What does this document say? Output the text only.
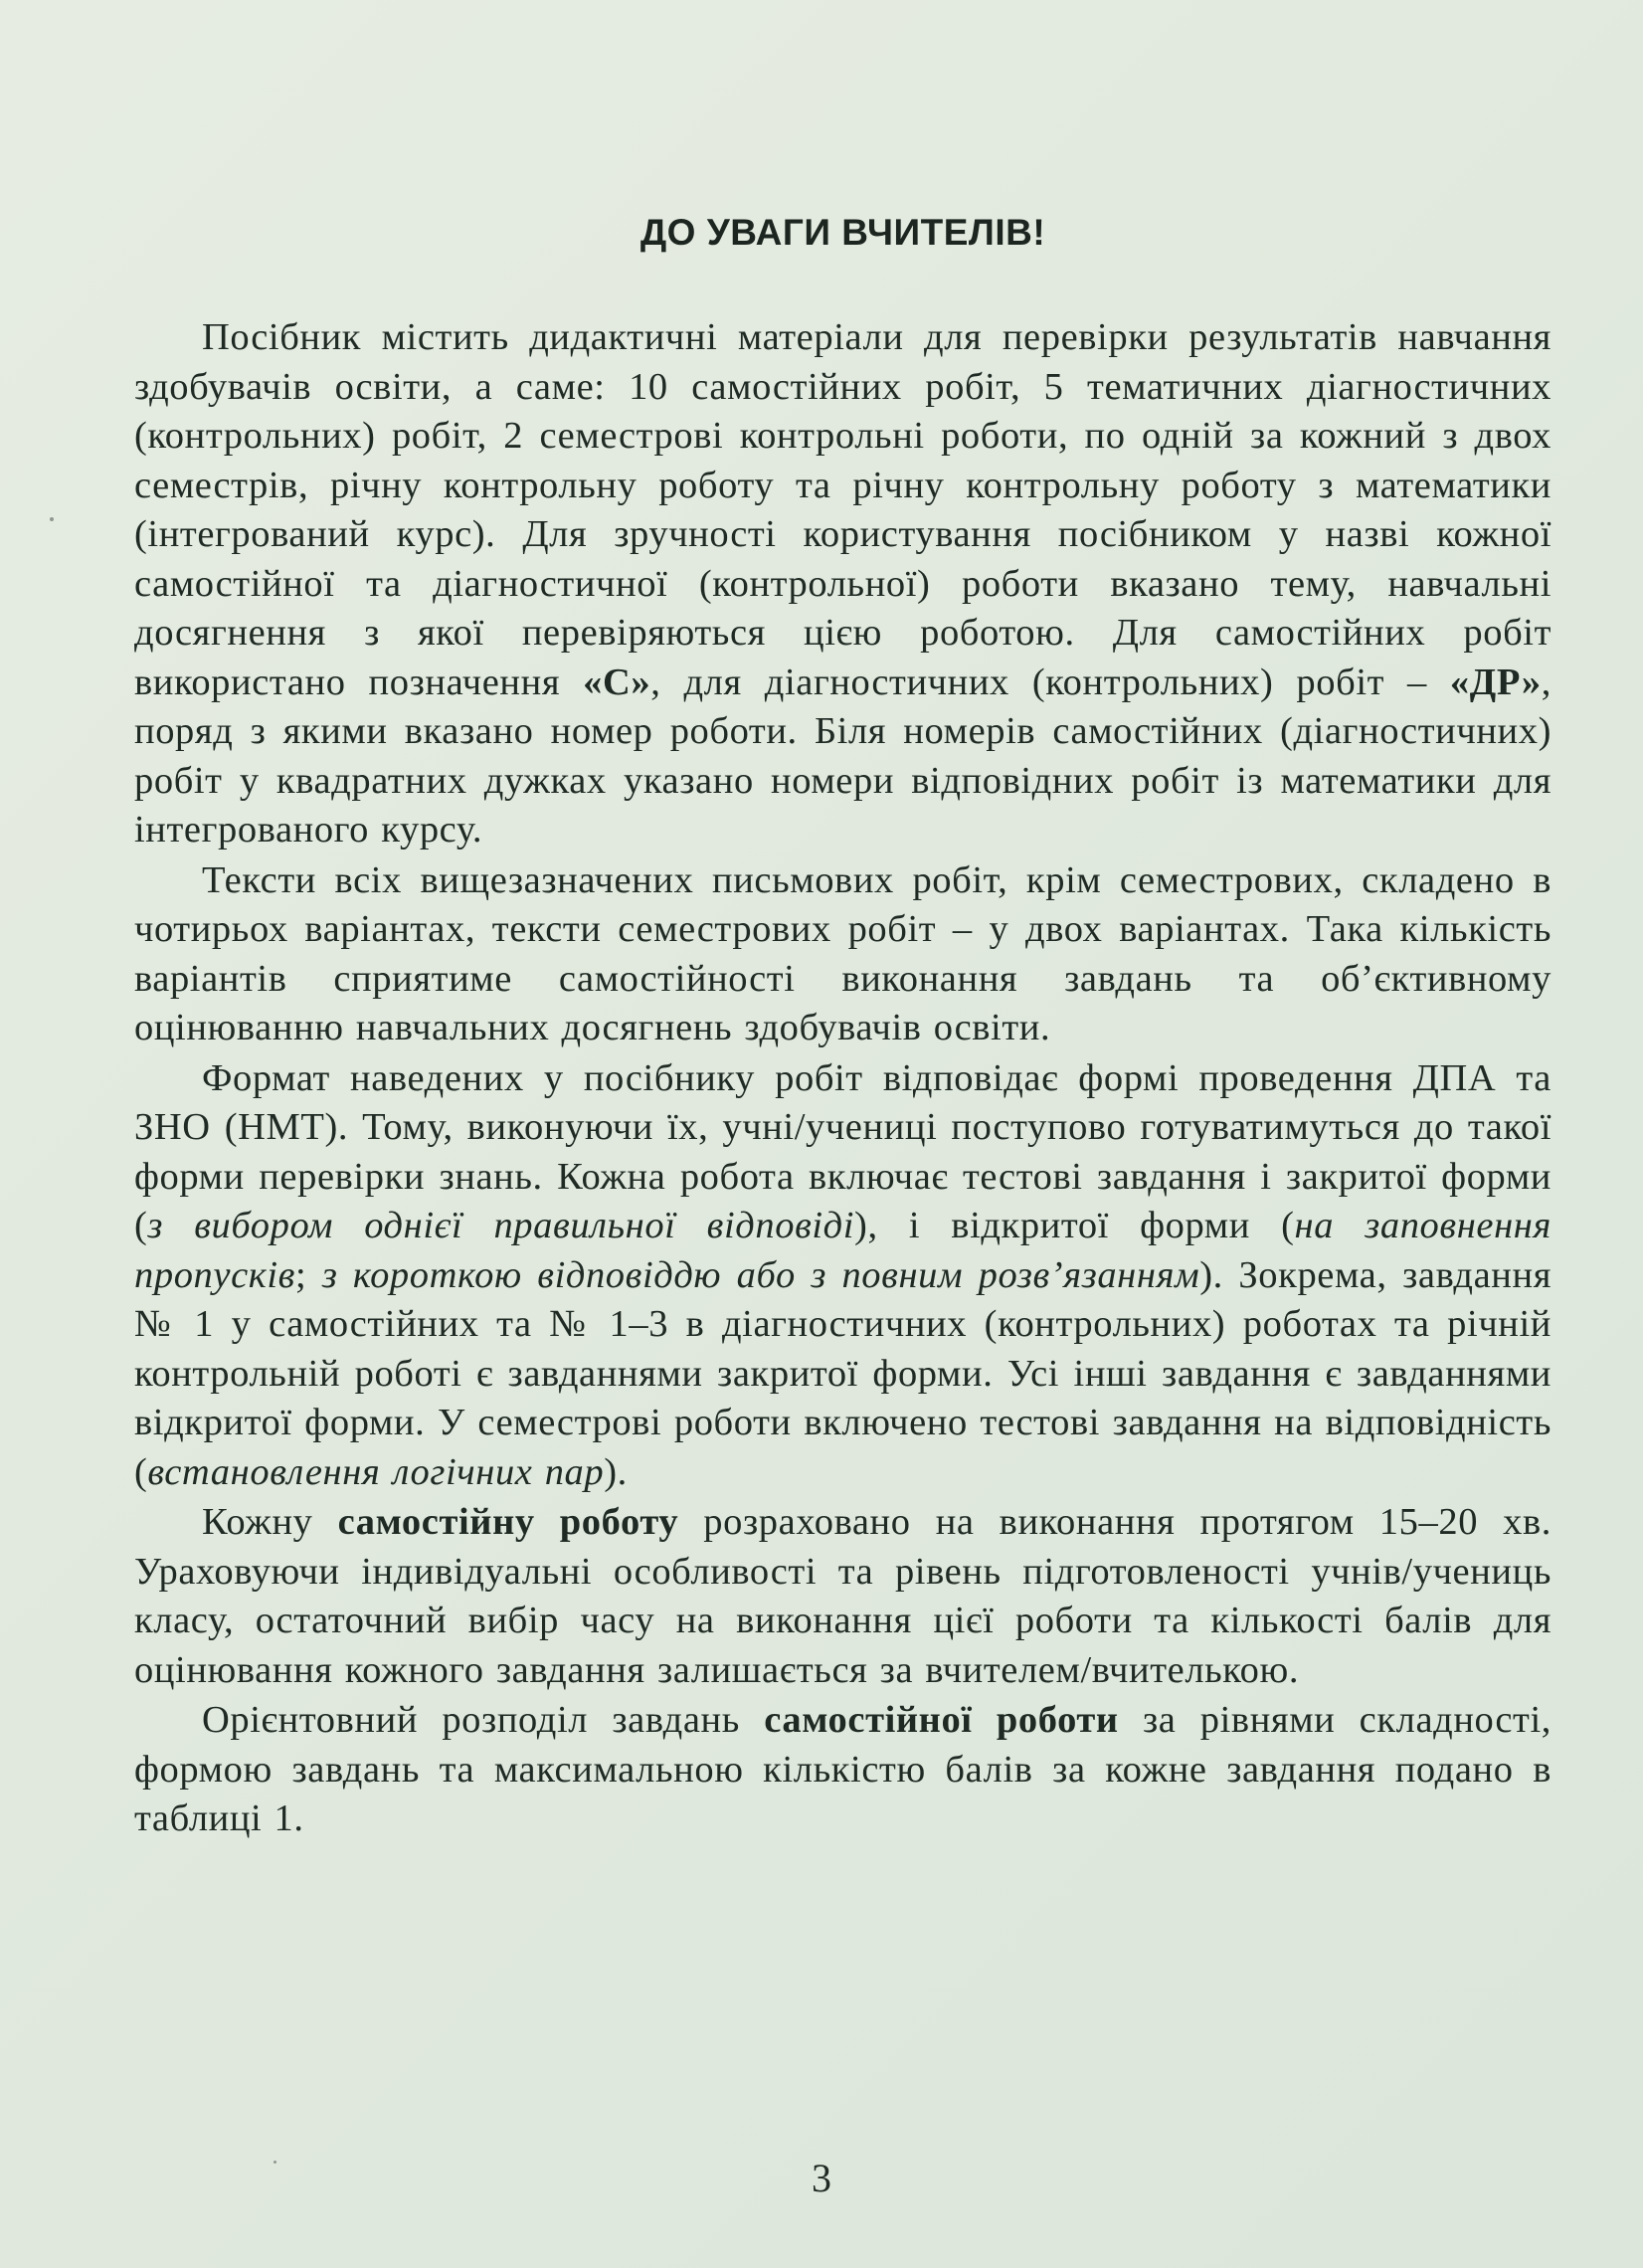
ДО УВАГИ ВЧИТЕЛІВ!

Посібник містить дидактичні матеріали для перевірки результатів навчання здобувачів освіти, а саме: 10 самостійних робіт, 5 тематичних діагностичних (контрольних) робіт, 2 семестрові контрольні роботи, по одній за кожний з двох семестрів, річну контрольну роботу та річну контрольну роботу з математики (інтегрований курс). Для зручності користування посібником у назві кожної самостійної та діагностичної (контрольної) роботи вказано тему, навчальні досягнення з якої перевіряються цією роботою. Для самостійних робіт використано позначення «С», для діагностичних (контрольних) робіт – «ДР», поряд з якими вказано номер роботи. Біля номерів самостійних (діагностичних) робіт у квадратних дужках указано номери відповідних робіт із математики для інтегрованого курсу.

Тексти всіх вищезазначених письмових робіт, крім семестрових, складено в чотирьох варіантах, тексти семестрових робіт – у двох варіантах. Така кількість варіантів сприятиме самостійності виконання завдань та об’єктивному оцінюванню навчальних досягнень здобувачів освіти.

Формат наведених у посібнику робіт відповідає формі проведення ДПА та ЗНО (НМТ). Тому, виконуючи їх, учні/учениці поступово готуватимуться до такої форми перевірки знань. Кожна робота включає тестові завдання і закритої форми (з вибором однієї правильної відповіді), і відкритої форми (на заповнення пропусків; з короткою відповіддю або з повним розв’язанням). Зокрема, завдання № 1 у самостійних та № 1–3 в діагностичних (контрольних) роботах та річній контрольній роботі є завданнями закритої форми. Усі інші завдання є завданнями відкритої форми. У семестрові роботи включено тестові завдання на відповідність (встановлення логічних пар).

Кожну самостійну роботу розраховано на виконання протягом 15–20 хв. Ураховуючи індивідуальні особливості та рівень підготовленості учнів/учениць класу, остаточний вибір часу на виконання цієї роботи та кількості балів для оцінювання кожного завдання залишається за вчителем/вчителькою.

Орієнтовний розподіл завдань самостійної роботи за рівнями складності, формою завдань та максимальною кількістю балів за кожне завдання подано в таблиці 1.

3
